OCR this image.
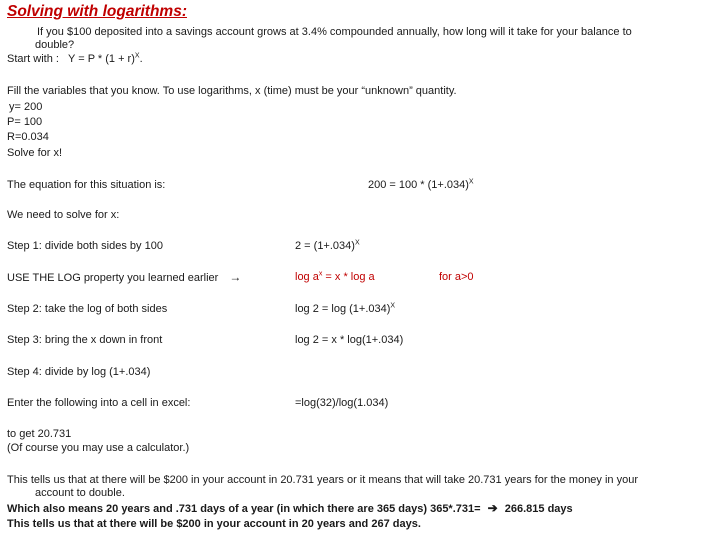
Solving with logarithms:
If you $100 deposited into a savings account grows at 3.4% compounded annually, how long will it take for your balance to
double?
Start with : $Y = P * (1 + r)^X$.
Fill the variables that you know. To use logarithms, x (time) must be your “unknown” quantity.
y= 200
P= 100
R=0.034
Solve for x!
The equation for this situation is:	$200 = 100 * (1+.034)^X$
We need to solve for x:
Step 1: divide both sides by 100	$2 = (1+.034)^X$
USE THE LOG property you learned earlier →	$\log a^x = x * \log a$	for a>0
Step 2: take the log of both sides	$\log 2 = \log (1+.034)^X$
Step 3: bring the x down in front	log 2 = x * log(1+.034)
Step 4: divide by log (1+.034)
Enter the following into a cell in excel:	=log(32)/log(1.034)
to get 20.731
(Of course you may use a calculator.)
This tells us that at there will be $200 in your account in 20.731 years or it means that will take 20.731 years for the money in your
account to double.
Which also means 20 years and .731 days of a year (in which there are 365 days) 365*.731= ➔ 266.815 days
This tells us that at there will be $200 in your account in 20 years and 267 days.
